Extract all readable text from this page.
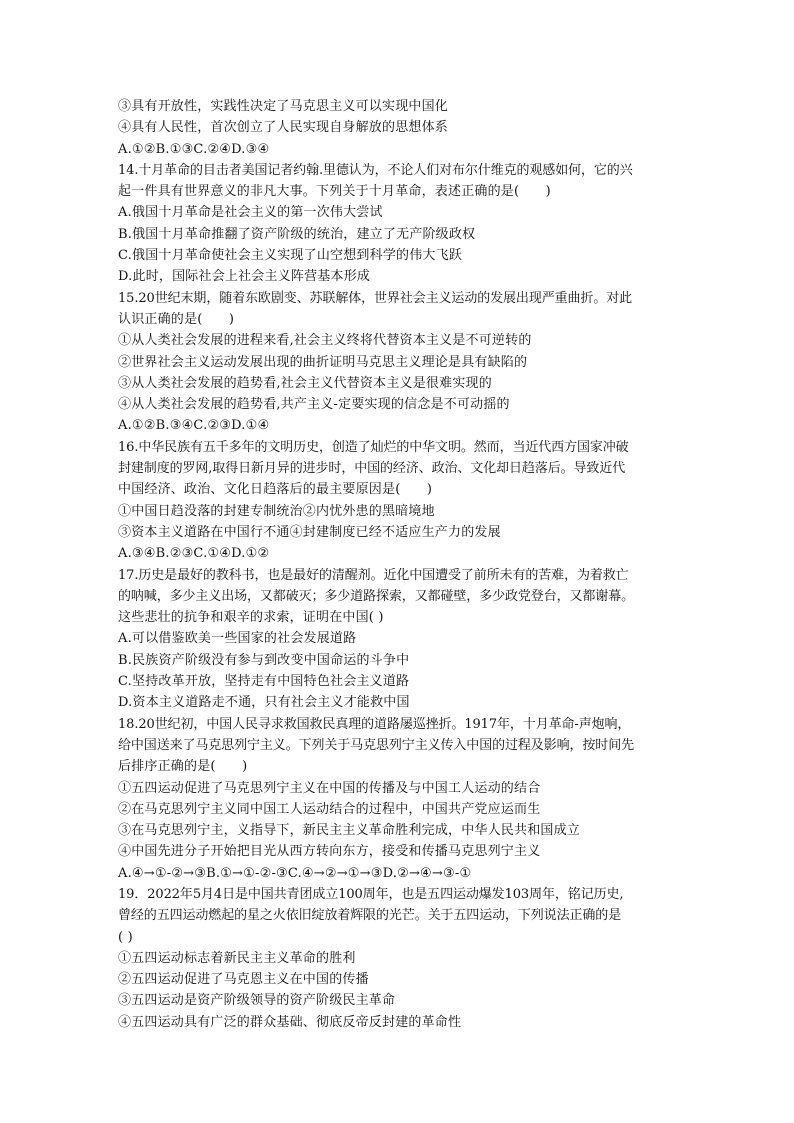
③具有开放性，实践性决定了马克思主义可以实现中国化
④具有人民性，首次创立了人民实现自身解放的思想体系
A.①②B.①③C.②④D.③④
14.十月革命的目击者美国记者约翰.里德认为，不论人们对布尔什维克的观感如何，它的兴
起一件具有世界意义的非凡大事。下列关于十月革命，表述正确的是(　　)
A.俄国十月革命是社会主义的第一次伟大尝试
B.俄国十月革命推翻了资产阶级的统治，建立了无产阶级政权
C.俄国十月革命使社会主义实现了山空想到科学的伟大飞跃
D.此时，国际社会上社会主义阵营基本形成
15.20世纪末期，随着东欧剧变、苏联解体，世界社会主义运动的发展出现严重曲折。对此
认识正确的是(　　)
①从人类社会发展的进程来看,社会主义终将代替资本主义是不可逆转的
②世界社会主义运动发展出现的曲折证明马克思主义理论是具有缺陷的
③从人类社会发展的趋势看,社会主义代替资本主义是很难实现的
④从人类社会发展的趋势看,共产主义-定要实现的信念是不可动摇的
A.①②B.③④C.②③D.①④
16.中华民族有五千多年的文明历史，创造了灿烂的中华文明。然而，当近代西方国家冲破
封建制度的罗网,取得日新月异的进步时，中国的经济、政治、文化却日趋落后。导致近代
中国经济、政治、文化日趋落后的最主要原因是(　　)
①中国日趋没落的封建专制统治②内忧外患的黑暗境地
③资本主义道路在中国行不通④封建制度已经不适应生产力的发展
A.③④B.②③C.①④D.①②
17.历史是最好的教科书，也是最好的清醒剂。近化中国遭受了前所未有的苦难，为着救亡
的呐喊，多少主义出场，又都破灭；多少道路探索，又都碰壁，多少政党登台，又都谢幕。
这些悲壮的抗争和艰辛的求索，证明在中国( )
A.可以借鉴欧美一些国家的社会发展道路
B.民族资产阶级没有参与到改变中国命运的斗争中
C.坚持改革开放，坚持走有中国特色社会主义道路
D.资本主义道路走不通，只有社会主义才能救中国
18.20世纪初，中国人民寻求救国救民真理的道路屡巡挫折。1917年，十月革命-声炮响，
给中国送来了马克思列宁主义。下列关于马克思列宁主义传入中国的过程及影响，按时间先
后排序正确的是(　　)
①五四运动促进了马克思列宁主义在中国的传播及与中国工人运动的结合
②在马克思列宁主义同中国工人运动结合的过程中，中国共产党应运而生
③在马克思列宁主，义指导下，新民主主义革命胜利完成，中华人民共和国成立
④中国先进分子开始把目光从西方转向东方，接受和传播马克思列宁主义
A.④→①-②→③B.①→①-②-③C.④→②→①→③D.②→④→③-①
19．2022年5月4日是中国共青团成立100周年，也是五四运动爆发103周年，铭记历史,
曾经的五四运动燃起的星之火依旧绽放着辉限的光芒。关于五四运动，下列说法正确的是
( )
①五四运动标志着新民主主义革命的胜利
②五四运动促进了马克恩主义在中国的传播
③五四运动是资产阶级领导的资产阶级民主革命
④五四运动具有广泛的群众基础、彻底反帝反封建的革命性
